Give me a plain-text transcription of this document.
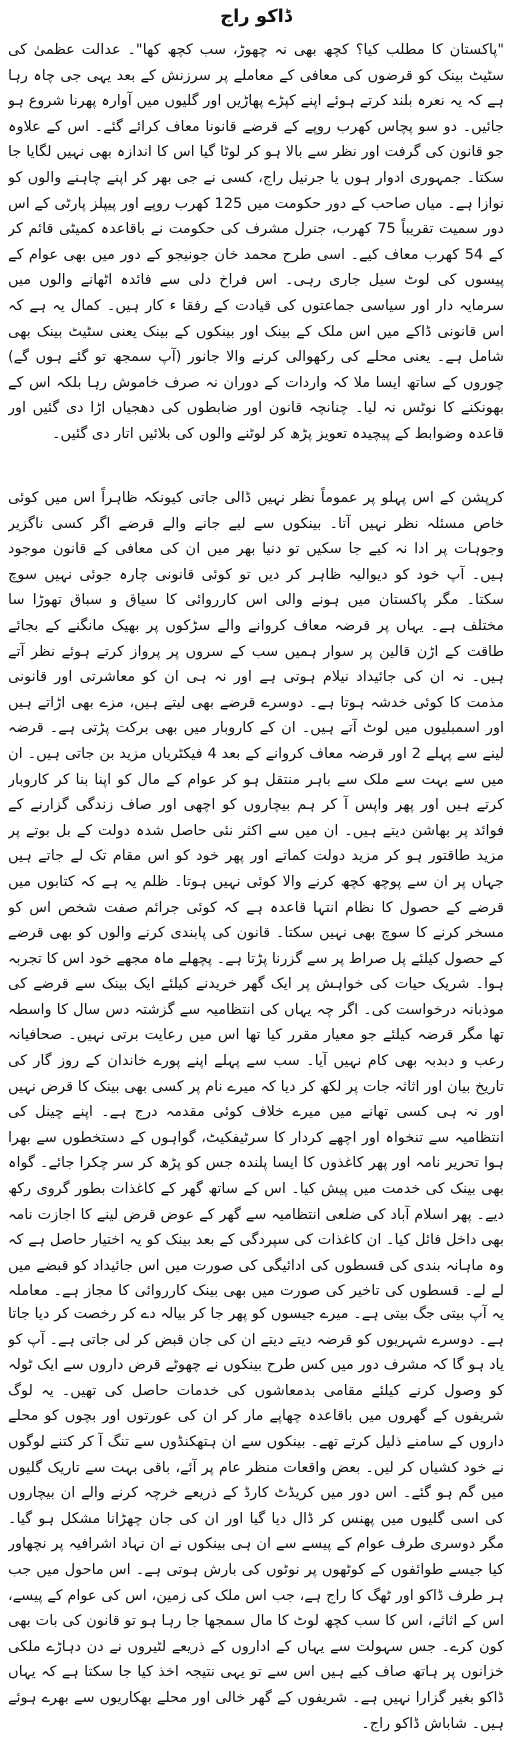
ڈاکو راج

"پاکستان کا مطلب کیا؟ کچھ بھی نہ چھوڑ، سب کچھ کھا"۔ عدالت عظمیٰ کی سٹیٹ بینک کو قرضوں کی معافی کے معاملے پر سرزنش کے بعد یہی جی چاہ رہا ہے کہ یہ نعرہ بلند کرتے ہوئے اپنے کپڑے پھاڑیں اور گلیوں میں آوارہ پھرنا شروع ہو جائیں۔ دو سو پچاس کھرب روپے کے قرضے قانونا معاف کرائے گئے۔ اس کے علاوہ جو قانون کی گرفت اور نظر سے بالا ہو کر لوٹا گیا اس کا اندازہ بھی نہیں لگایا جا سکتا۔ جمہوری ادوار ہوں یا جرنیل راج، کسی نے جی بھر کر اپنے چاہنے والوں کو نوازا ہے۔ میاں صاحب کے دور حکومت میں 125 کھرب روپے اور پیپلز پارٹی کے اس دور سمیت تقریباً 75 کھرب، جنرل مشرف کی حکومت نے باقاعدہ کمیٹی قائم کر کے 54 کھرب معاف کیے۔ اسی طرح محمد خان جونیجو کے دور میں بھی عوام کے پیسوں کی لوٹ سیل جاری رہی۔ اس فراخ دلی سے فائدہ اٹھانے والوں میں سرمایہ دار اور سیاسی جماعتوں کی قیادت کے رفقا ء کار ہیں۔ کمال یہ ہے کہ اس قانونی ڈاکے میں اس ملک کے بینک اور بینکوں کے بینک یعنی سٹیٹ بینک بھی شامل ہے۔ یعنی محلے کی رکھوالی کرنے والا جانور (آپ سمجھ تو گئے ہوں گے) چوروں کے ساتھ ایسا ملا کہ واردات کے دوران نہ صرف خاموش رہا بلکہ اس کے بھونکنے کا نوٹس نہ لیا۔ چنانچہ قانون اور ضابطوں کی دھجیاں اڑا دی گئیں اور قاعدہ وضوابط کے پیچیدہ تعویز پڑھ کر لوٹنے والوں کی بلائیں اتار دی گئیں۔

کرپشن کے اس پہلو پر عموماً نظر نہیں ڈالی جاتی کیونکہ ظاہراً اس میں کوئی خاص مسئلہ نظر نہیں آتا۔ بینکوں سے لیے جانے والے قرضے اگر کسی ناگزیر وجوہات پر ادا نہ کیے جا سکیں تو دنیا بھر میں ان کی معافی کے قانون موجود ہیں۔ آپ خود کو دیوالیہ ظاہر کر دیں تو کوئی قانونی چارہ جوئی نہیں سوچ سکتا۔ مگر پاکستان میں ہونے والی اس کارروائی کا سیاق و سباق تھوڑا سا مختلف ہے۔ یہاں پر قرضہ معاف کروانے والے سڑکوں پر بھیک مانگنے کے بجائے طاقت کے اڑن قالین پر سوار ہمیں سب کے سروں پر پرواز کرتے ہوئے نظر آتے ہیں۔ نہ ان کی جائیداد نیلام ہوتی ہے اور نہ ہی ان کو معاشرتی اور قانونی مذمت کا کوئی خدشہ ہوتا ہے۔ دوسرے قرضے بھی لیتے ہیں، مزے بھی اڑاتے ہیں اور اسمبلیوں میں لوٹ آتے ہیں۔ ان کے کاروبار میں بھی برکت پڑتی ہے۔ قرضہ لینے سے پہلے 2 اور قرضہ معاف کروانے کے بعد 4 فیکٹریاں مزید بن جاتی ہیں۔ ان میں سے بہت سے ملک سے باہر منتقل ہو کر عوام کے مال کو اپنا بنا کر کاروبار کرتے ہیں اور پھر واپس آ کر ہم بیچاروں کو اچھی اور صاف زندگی گزارنے کے فوائد پر بھاشن دیتے ہیں۔ ان میں سے اکثر نئی حاصل شدہ دولت کے بل بوتے پر مزید طاقتور ہو کر مزید دولت کماتے اور پھر خود کو اس مقام تک لے جاتے ہیں جہاں پر ان سے پوچھ کچھ کرنے والا کوئی نہیں ہوتا۔ ظلم یہ ہے کہ کتابوں میں قرضے کے حصول کا نظام انتہا قاعدہ ہے کہ کوئی جرائم صفت شخص اس کو مسخر کرنے کا سوچ بھی نہیں سکتا۔ قانون کی پابندی کرنے والوں کو بھی قرضے کے حصول کیلئے پل صراط پر سے گزرنا پڑتا ہے۔ پچھلے ماہ مجھے خود اس کا تجربہ ہوا۔ شریک حیات کی خواہش پر ایک گھر خریدنے کیلئے ایک بینک سے قرضے کی موذبانہ درخواست کی۔ اگر چہ یہاں کی انتظامیہ سے گزشتہ دس سال کا واسطہ تھا مگر قرضہ کیلئے جو معیار مقرر کیا تھا اس میں رعایت برتی نہیں۔ صحافیانہ رعب و دبدبہ بھی کام نہیں آیا۔ سب سے پہلے اپنے پورے خاندان کے روز گار کی تاریخ بیان اور اثاثہ جات پر لکھ کر دیا کہ میرے نام پر کسی بھی بینک کا قرض نہیں اور نہ ہی کسی تھانے میں میرے خلاف کوئی مقدمہ درج ہے۔ اپنے چینل کی انتظامیہ سے تنخواہ اور اچھے کردار کا سرٹیفکیٹ، گواہوں کے دستخطوں سے بھرا ہوا تحریر نامہ اور پھر کاغذوں کا ایسا پلندہ جس کو پڑھ کر سر چکرا جائے۔ گواہ بھی بینک کی خدمت میں پیش کیا۔ اس کے ساتھ گھر کے کاغذات بطور گروی رکھ دیے۔ پھر اسلام آباد کی ضلعی انتظامیہ سے گھر کے عوض قرض لینے کا اجازت نامہ بھی داخل فائل کیا۔ ان کاغذات کی سپردگی کے بعد بینک کو یہ اختیار حاصل ہے کہ وہ ماہانہ بندی کی قسطوں کی ادائیگی کی صورت میں اس جائیداد کو قبضے میں لے لے۔ قسطوں کی تاخیر کی صورت میں بھی بینک کارروائی کا مجاز ہے۔ معاملہ

یہ آپ بیتی جگ بیتی ہے۔ میرے جیسوں کو پھر جا کر بیالہ دے کر رخصت کر دیا جاتا ہے۔ دوسرے شہریوں کو قرضہ دیتے دیتے ان کی جان قبض کر لی جاتی ہے۔ آپ کو یاد ہو گا کہ مشرف دور میں کس طرح بینکوں نے چھوٹے قرض داروں سے ایک ٹولہ کو وصول کرنے کیلئے مقامی بدمعاشوں کی خدمات حاصل کی تھیں۔ یہ لوگ شریفوں کے گھروں میں باقاعدہ چھاپے مار کر ان کی عورتوں اور بچوں کو محلے داروں کے سامنے ذلیل کرتے تھے۔ بینکوں سے ان ہتھکنڈوں سے تنگ آ کر کتنے لوگوں نے خود کشیاں کر لیں۔ بعض واقعات منظر عام پر آئے، باقی بہت سے تاریک گلیوں میں گم ہو گئے۔ اس دور میں کریڈٹ کارڈ کے ذریعے خرچہ کرنے والے ان بیچاروں کی اسی گلیوں میں پھنس کر ڈال دیا گیا اور ان کی جان چھڑانا مشکل ہو گیا۔ مگر دوسری طرف عوام کے پیسے سے ان ہی بینکوں نے ان نہاد اشرافیہ پر نچھاور کیا جیسے طوائفوں کے کوٹھوں پر نوٹوں کی بارش ہوتی ہے۔ اس ماحول میں جب ہر طرف ڈاکو اور ٹھگ کا راج ہے، جب اس ملک کی زمین، اس کی عوام کے پیسے، اس کے اثاثے، اس کا سب کچھ لوٹ کا مال سمجھا جا رہا ہو تو قانون کی بات بھی کون کرے۔ جس سہولت سے یہاں کے اداروں کے ذریعے لٹیروں نے دن دہاڑے ملکی خزانوں پر ہاتھ صاف کیے ہیں اس سے تو یہی نتیجہ اخذ کیا جا سکتا ہے کہ یہاں ڈاکو بغیر گزارا نہیں ہے۔ شریفوں کے گھر خالی اور محلے بھکاریوں سے بھرے ہوئے ہیں۔ شاباش ڈاکو راج۔
